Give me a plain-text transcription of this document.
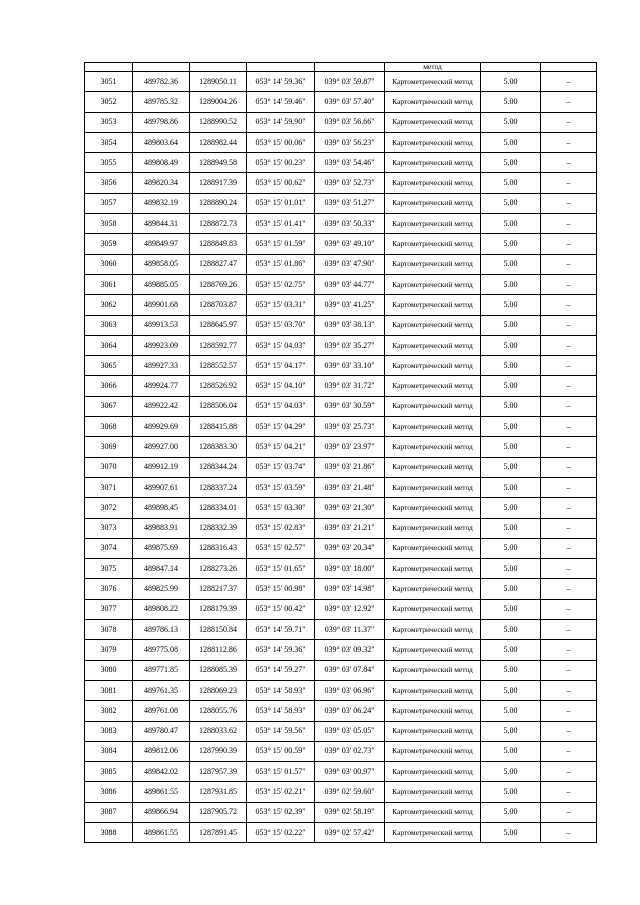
					метод		
3051	489782.36	1289050.11	053° 14' 59.36"	039° 03' 59.87"	Картометрический метод	5.00	–
3052	489785.32	1289004.26	053° 14' 59.46"	039° 03' 57.40"	Картометрический метод	5.00	–
3053	489798.86	1288990.52	053° 14' 59.90"	039° 03' 56.66"	Картометрический метод	5.00	–
3054	489803.64	1288982.44	053° 15' 00.06"	039° 03' 56.23"	Картометрический метод	5.00	–
3055	489808.49	1288949.58	053° 15' 00.23"	039° 03' 54.46"	Картометрический метод	5.00	–
3056	489820.34	1288917.39	053° 15' 00.62"	039° 03' 52.73"	Картометрический метод	5.00	–
3057	489832.19	1288890.24	053° 15' 01.01"	039° 03' 51.27"	Картометрический метод	5.00	–
3058	489844.31	1288872.73	053° 15' 01.41"	039° 03' 50.33"	Картометрический метод	5.00	–
3059	489849.97	1288849.83	053° 15' 01.59"	039° 03' 49.10"	Картометрический метод	5.00	–
3060	489858.05	1288827.47	053° 15' 01.86"	039° 03' 47.90"	Картометрический метод	5.00	–
3061	489885.05	1288769.26	053° 15' 02.75"	039° 03' 44.77"	Картометрический метод	5.00	–
3062	489901.68	1288703.87	053° 15' 03.31"	039° 03' 41.25"	Картометрический метод	5.00	–
3063	489913.53	1288645.97	053° 15' 03.70"	039° 03' 38.13"	Картометрический метод	5.00	–
3064	489923.09	1288592.77	053° 15' 04.03"	039° 03' 35.27"	Картометрический метод	5.00	–
3065	489927.33	1288552.57	053° 15' 04.17"	039° 03' 33.10"	Картометрический метод	5.00	–
3066	489924.77	1288526.92	053° 15' 04.10"	039° 03' 31.72"	Картометрический метод	5.00	–
3067	489922.42	1288506.04	053° 15' 04.03"	039° 03' 30.59"	Картометрический метод	5.00	–
3068	489929.69	1288415.88	053° 15' 04.29"	039° 03' 25.73"	Картометрический метод	5.00	–
3069	489927.00	1288383.30	053° 15' 04.21"	039° 03' 23.97"	Картометрический метод	5.00	–
3070	489912.19	1288344.24	053° 15' 03.74"	039° 03' 21.86"	Картометрический метод	5.00	–
3071	489907.61	1288337.24	053° 15' 03.59"	039° 03' 21.48"	Картометрический метод	5.00	–
3072	489898.45	1288334.01	053° 15' 03.30"	039° 03' 21.30"	Картометрический метод	5.00	–
3073	489883.91	1288332.39	053° 15' 02.83"	039° 03' 21.21"	Картометрический метод	5.00	–
3074	489875.69	1288316.43	053° 15' 02.57"	039° 03' 20.34"	Картометрический метод	5.00	–
3075	489847.14	1288273.26	053° 15' 01.65"	039° 03' 18.00"	Картометрический метод	5.00	–
3076	489825.99	1288217.37	053° 15' 00.98"	039° 03' 14.98"	Картометрический метод	5.00	–
3077	489808.22	1288179.39	053° 15' 00.42"	039° 03' 12.92"	Картометрический метод	5.00	–
3078	489786.13	1288150.84	053° 14' 59.71"	039° 03' 11.37"	Картометрический метод	5.00	–
3079	489775.08	1288112.86	053° 14' 59.36"	039° 03' 09.32"	Картометрический метод	5.00	–
3080	489771.85	1288085.39	053° 14' 59.27"	039° 03' 07.84"	Картометрический метод	5.00	–
3081	489761.35	1288069.23	053° 14' 58.93"	039° 03' 06.96"	Картометрический метод	5.00	–
3082	489761.08	1288055.76	053° 14' 58.93"	039° 03' 06.24"	Картометрический метод	5.00	–
3083	489780.47	1288033.62	053° 14' 59.56"	039° 03' 05.05"	Картометрический метод	5.00	–
3084	489812.06	1287990.39	053° 15' 00.59"	039° 03' 02.73"	Картометрический метод	5.00	–
3085	489842.02	1287957.39	053° 15' 01.57"	039° 03' 00.97"	Картометрический метод	5.00	–
3086	489861.55	1287931.85	053° 15' 02.21"	039° 02' 59.60"	Картометрический метод	5.00	–
3087	489866.94	1287905.72	053° 15' 02.39"	039° 02' 58.19"	Картометрический метод	5.00	–
3088	489861.55	1287891.45	053° 15' 02.22"	039° 02' 57.42"	Картометрический метод	5.00	–
